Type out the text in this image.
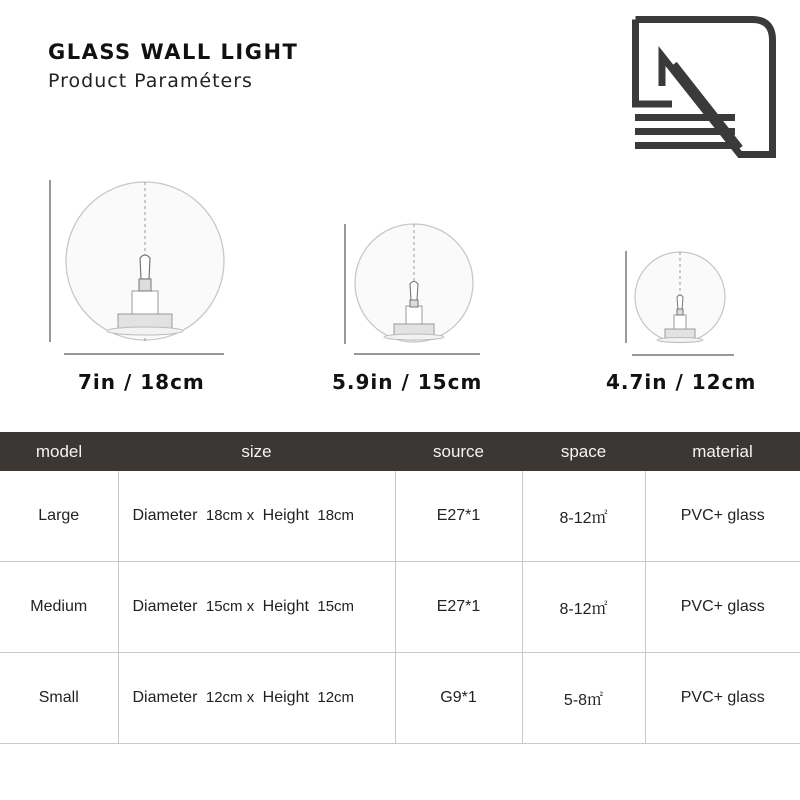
GLASS WALL LIGHT
Product Paraméters
7in / 18cm	5.9in / 15cm	4.7in / 12cm
model	size	source	space	material
Large	Diameter 18cm x Height 18cm	E27*1	8-12㎡	PVC+ glass
Medium	Diameter 15cm x Height 15cm	E27*1	8-12㎡	PVC+ glass
Small	Diameter 12cm x Height 12cm	G9*1	5-8㎡	PVC+ glass
